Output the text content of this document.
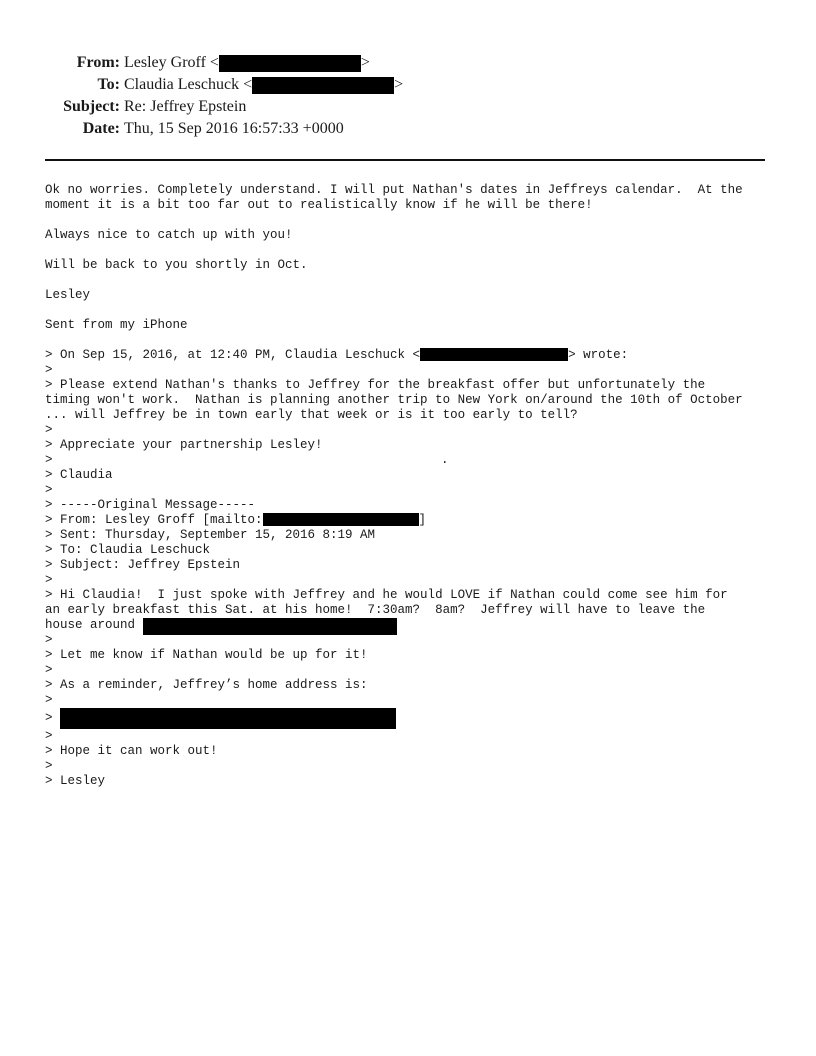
From: Lesley Groff <	>
To: Claudia Leschuck <	>
Subject: Re: Jeffrey Epstein
Date: Thu, 15 Sep 2016 16:57:33 +0000
Ok no worries. Completely understand. I will put Nathan's dates in Jeffreys calendar.  At the
moment it is a bit too far out to realistically know if he will be there!
Always nice to catch up with you!
Will be back to you shortly in Oct.
Lesley
Sent from my iPhone
> On Sep 15, 2016, at 12:40 PM, Claudia Leschuck <	> wrote:
>
> Please extend Nathan's thanks to Jeffrey for the breakfast offer but unfortunately the
timing won't work.  Nathan is planning another trip to New York on/around the 10th of October
... will Jeffrey be in town early that week or is it too early to tell?
>
> Appreciate your partnership Lesley!
>	.
> Claudia
>
> -----Original Message-----
> From: Lesley Groff [mailto:	]
> Sent: Thursday, September 15, 2016 8:19 AM
> To: Claudia Leschuck
> Subject: Jeffrey Epstein
>
> Hi Claudia!  I just spoke with Jeffrey and he would LOVE if Nathan could come see him for
an early breakfast this Sat. at his home!  7:30am?  8am?  Jeffrey will have to leave the
house around
>
> Let me know if Nathan would be up for it!
>
> As a reminder, Jeffrey’s home address is:
>
>
>
> Hope it can work out!
>
> Lesley
